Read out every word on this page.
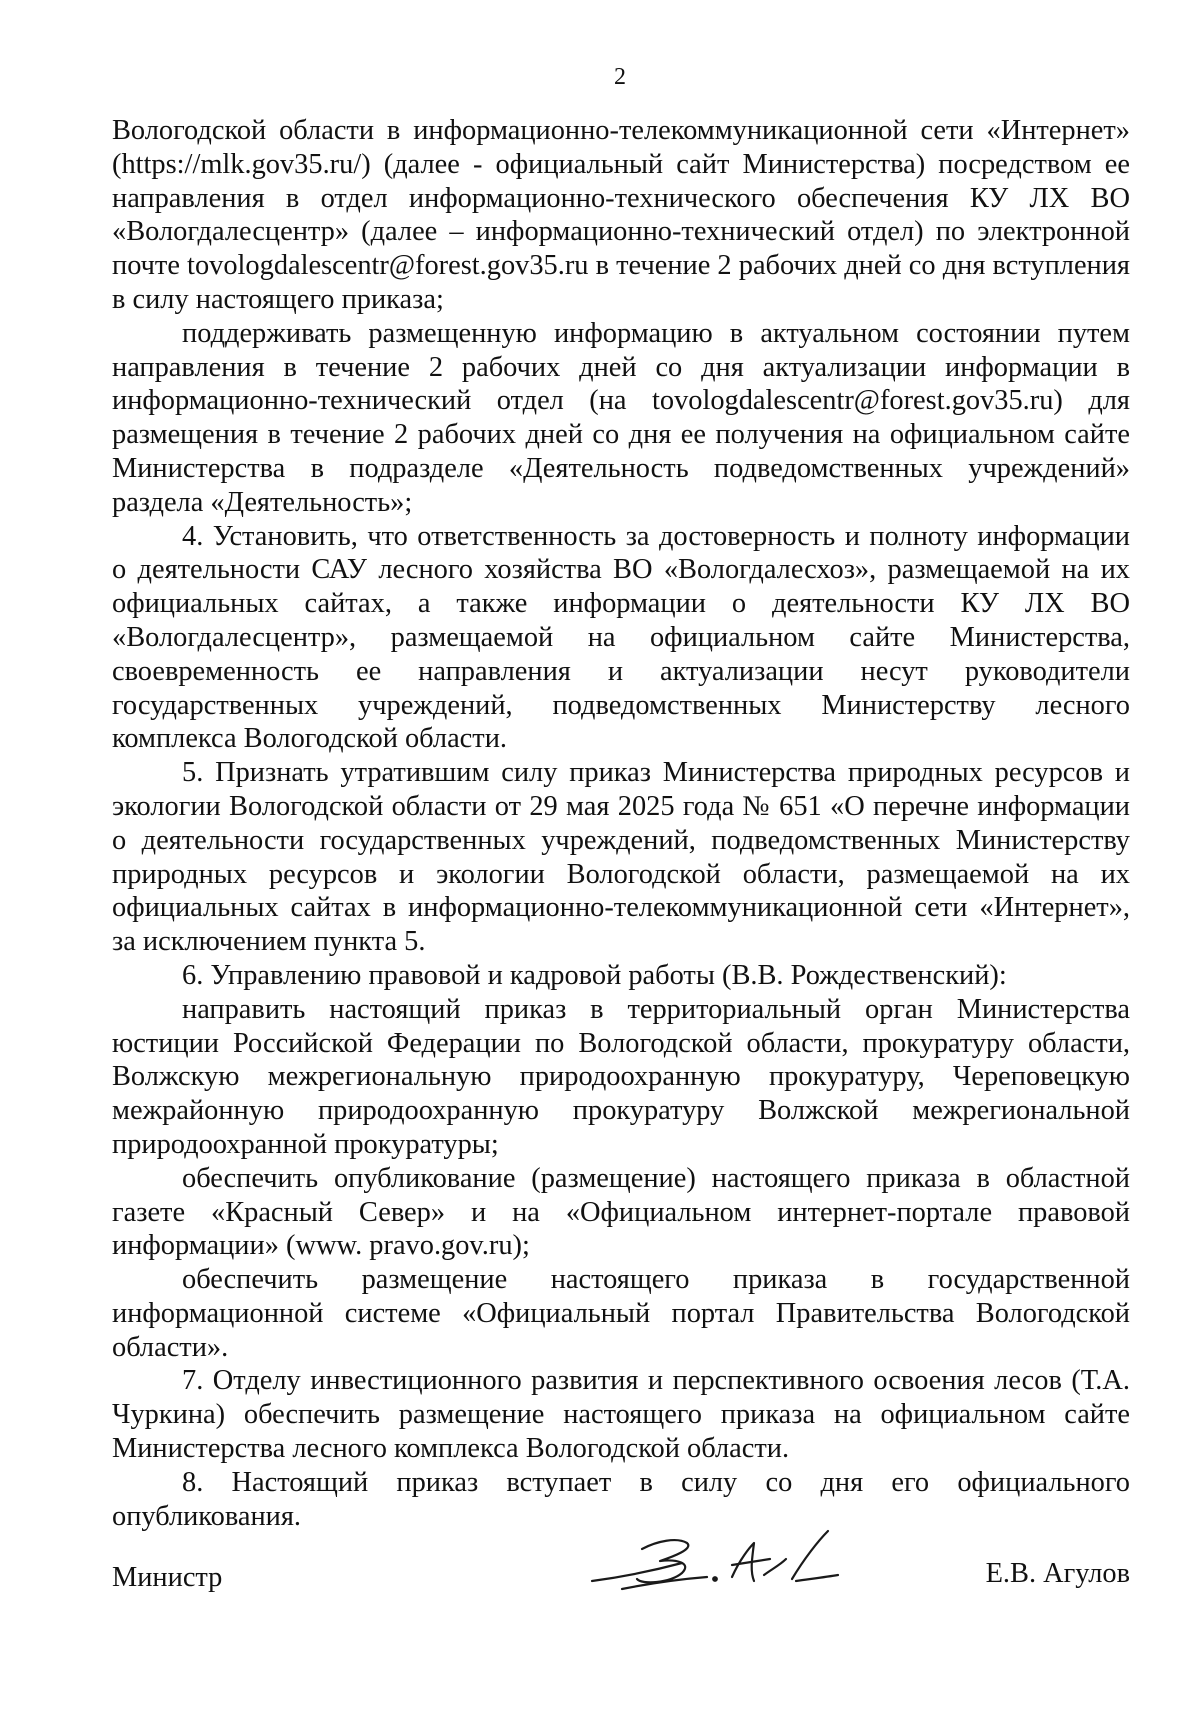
2

Вологодской области в информационно-телекоммуникационной сети «Интернет» (https://mlk.gov35.ru/) (далее - официальный сайт Министерства) посредством ее направления в отдел информационно-технического обеспечения КУ ЛХ ВО «Вологдалесцентр» (далее – информационно-технический отдел) по электронной почте tovologdalescentr@forest.gov35.ru в течение 2 рабочих дней со дня вступления в силу настоящего приказа;

поддерживать размещенную информацию в актуальном состоянии путем направления в течение 2 рабочих дней со дня актуализации информации в информационно-технический отдел (на tovologdalescentr@forest.gov35.ru) для размещения в течение 2 рабочих дней со дня ее получения на официальном сайте Министерства в подразделе «Деятельность подведомственных учреждений» раздела «Деятельность»;

4. Установить, что ответственность за достоверность и полноту информации о деятельности САУ лесного хозяйства ВО «Вологдалесхоз», размещаемой на их официальных сайтах, а также информации о деятельности КУ ЛХ ВО «Вологдалесцентр», размещаемой на официальном сайте Министерства, своевременность ее направления и актуализации несут руководители государственных учреждений, подведомственных Министерству лесного комплекса Вологодской области.

5. Признать утратившим силу приказ Министерства природных ресурсов и экологии Вологодской области от 29 мая 2025 года № 651 «О перечне информации о деятельности государственных учреждений, подведомственных Министерству природных ресурсов и экологии Вологодской области, размещаемой на их официальных сайтах в информационно-телекоммуникационной сети «Интернет», за исключением пункта 5.

6. Управлению правовой и кадровой работы (В.В. Рождественский):

направить настоящий приказ в территориальный орган Министерства юстиции Российской Федерации по Вологодской области, прокуратуру области, Волжскую межрегиональную природоохранную прокуратуру, Череповецкую межрайонную природоохранную прокуратуру Волжской межрегиональной природоохранной прокуратуры;

обеспечить опубликование (размещение) настоящего приказа в областной газете «Красный Север» и на «Официальном интернет-портале правовой информации» (www. pravo.gov.ru);

обеспечить размещение настоящего приказа в государственной информационной системе «Официальный портал Правительства Вологодской области».

7. Отделу инвестиционного развития и перспективного освоения лесов (Т.А. Чуркина) обеспечить размещение настоящего приказа на официальном сайте Министерства лесного комплекса Вологодской области.

8. Настоящий приказ вступает в силу со дня его официального опубликования.

Министр	Е.В. Агулов
